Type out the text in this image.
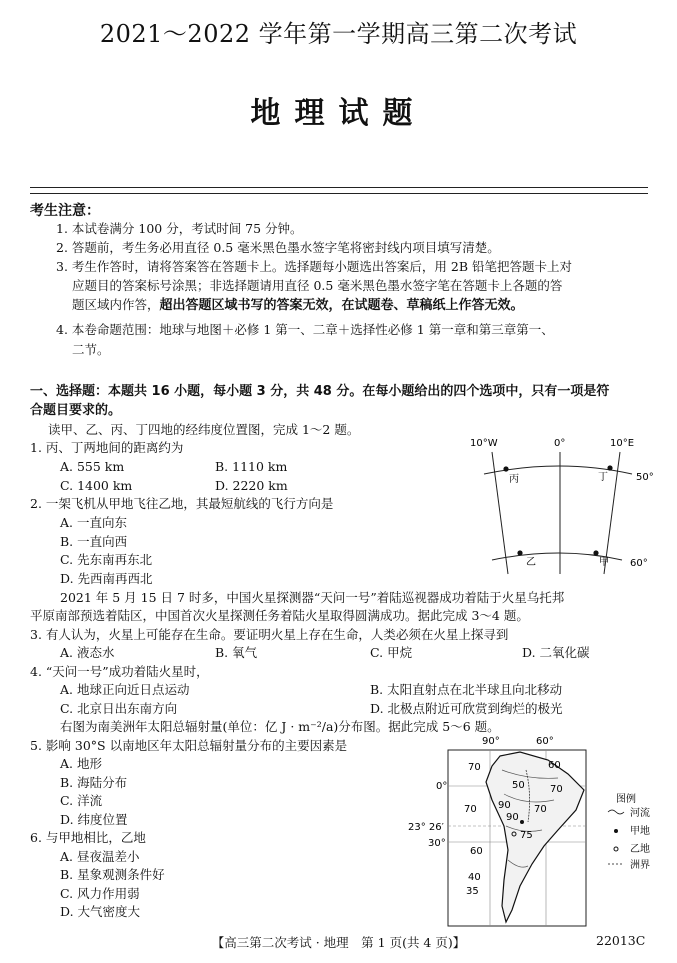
2021～2022 学年第一学期高三第二次考试
地理试题
考生注意：
1. 本试卷满分 100 分，考试时间 75 分钟。
2. 答题前，考生务必用直径 0.5 毫米黑色墨水签字笔将密封线内项目填写清楚。
3. 考生作答时，请将答案答在答题卡上。选择题每小题选出答案后，用 2B 铅笔把答题卡上对
应题目的答案标号涂黑；非选择题请用直径 0.5 毫米黑色墨水签字笔在答题卡上各题的答
题区域内作答，超出答题区域书写的答案无效，在试题卷、草稿纸上作答无效。
4. 本卷命题范围：地球与地图＋必修 1 第一、二章＋选择性必修 1 第一章和第三章第一、
二节。
一、选择题：本题共 16 小题，每小题 3 分，共 48 分。在每小题给出的四个选项中，只有一项是符
合题目要求的。
读甲、乙、丙、丁四地的经纬度位置图，完成 1～2 题。
1. 丙、丁两地间的距离约为
A. 555 km	B. 1110 km
C. 1400 km	D. 2220 km
2. 一架飞机从甲地飞往乙地，其最短航线的飞行方向是
A. 一直向东
B. 一直向西
C. 先东南再东北
D. 先西南再西北
10°W	0°	10°E
50°
60°
丙	丁
乙	甲
2021 年 5 月 15 日 7 时多，中国火星探测器“天问一号”着陆巡视器成功着陆于火星乌托邦
平原南部预选着陆区，中国首次火星探测任务着陆火星取得圆满成功。据此完成 3～4 题。
3. 有人认为，火星上可能存在生命。要证明火星上存在生命，人类必须在火星上探寻到
A. 液态水	B. 氧气	C. 甲烷	D. 二氧化碳
4. “天问一号”成功着陆火星时，
A. 地球正向近日点运动	B. 太阳直射点在北半球且向北移动
C. 北京日出东南方向	D. 北极点附近可欣赏到绚烂的极光
右图为南美洲年太阳总辐射量(单位：亿 J · m⁻²/a)分布图。据此完成 5～6 题。
5. 影响 30°S 以南地区年太阳总辐射量分布的主要因素是
A. 地形
B. 海陆分布
C. 洋流
D. 纬度位置
6. 与甲地相比，乙地
A. 昼夜温差小
B. 星象观测条件好
C. 风力作用弱
D. 大气密度大
90°	60°
0°
23° 26′
30°
70	60
50
70
70
70
90
75
60
40
35
90
图例
河流
甲地
乙地
洲界
【高三第二次考试 · 地理　第 1 页(共 4 页)】	22013C
